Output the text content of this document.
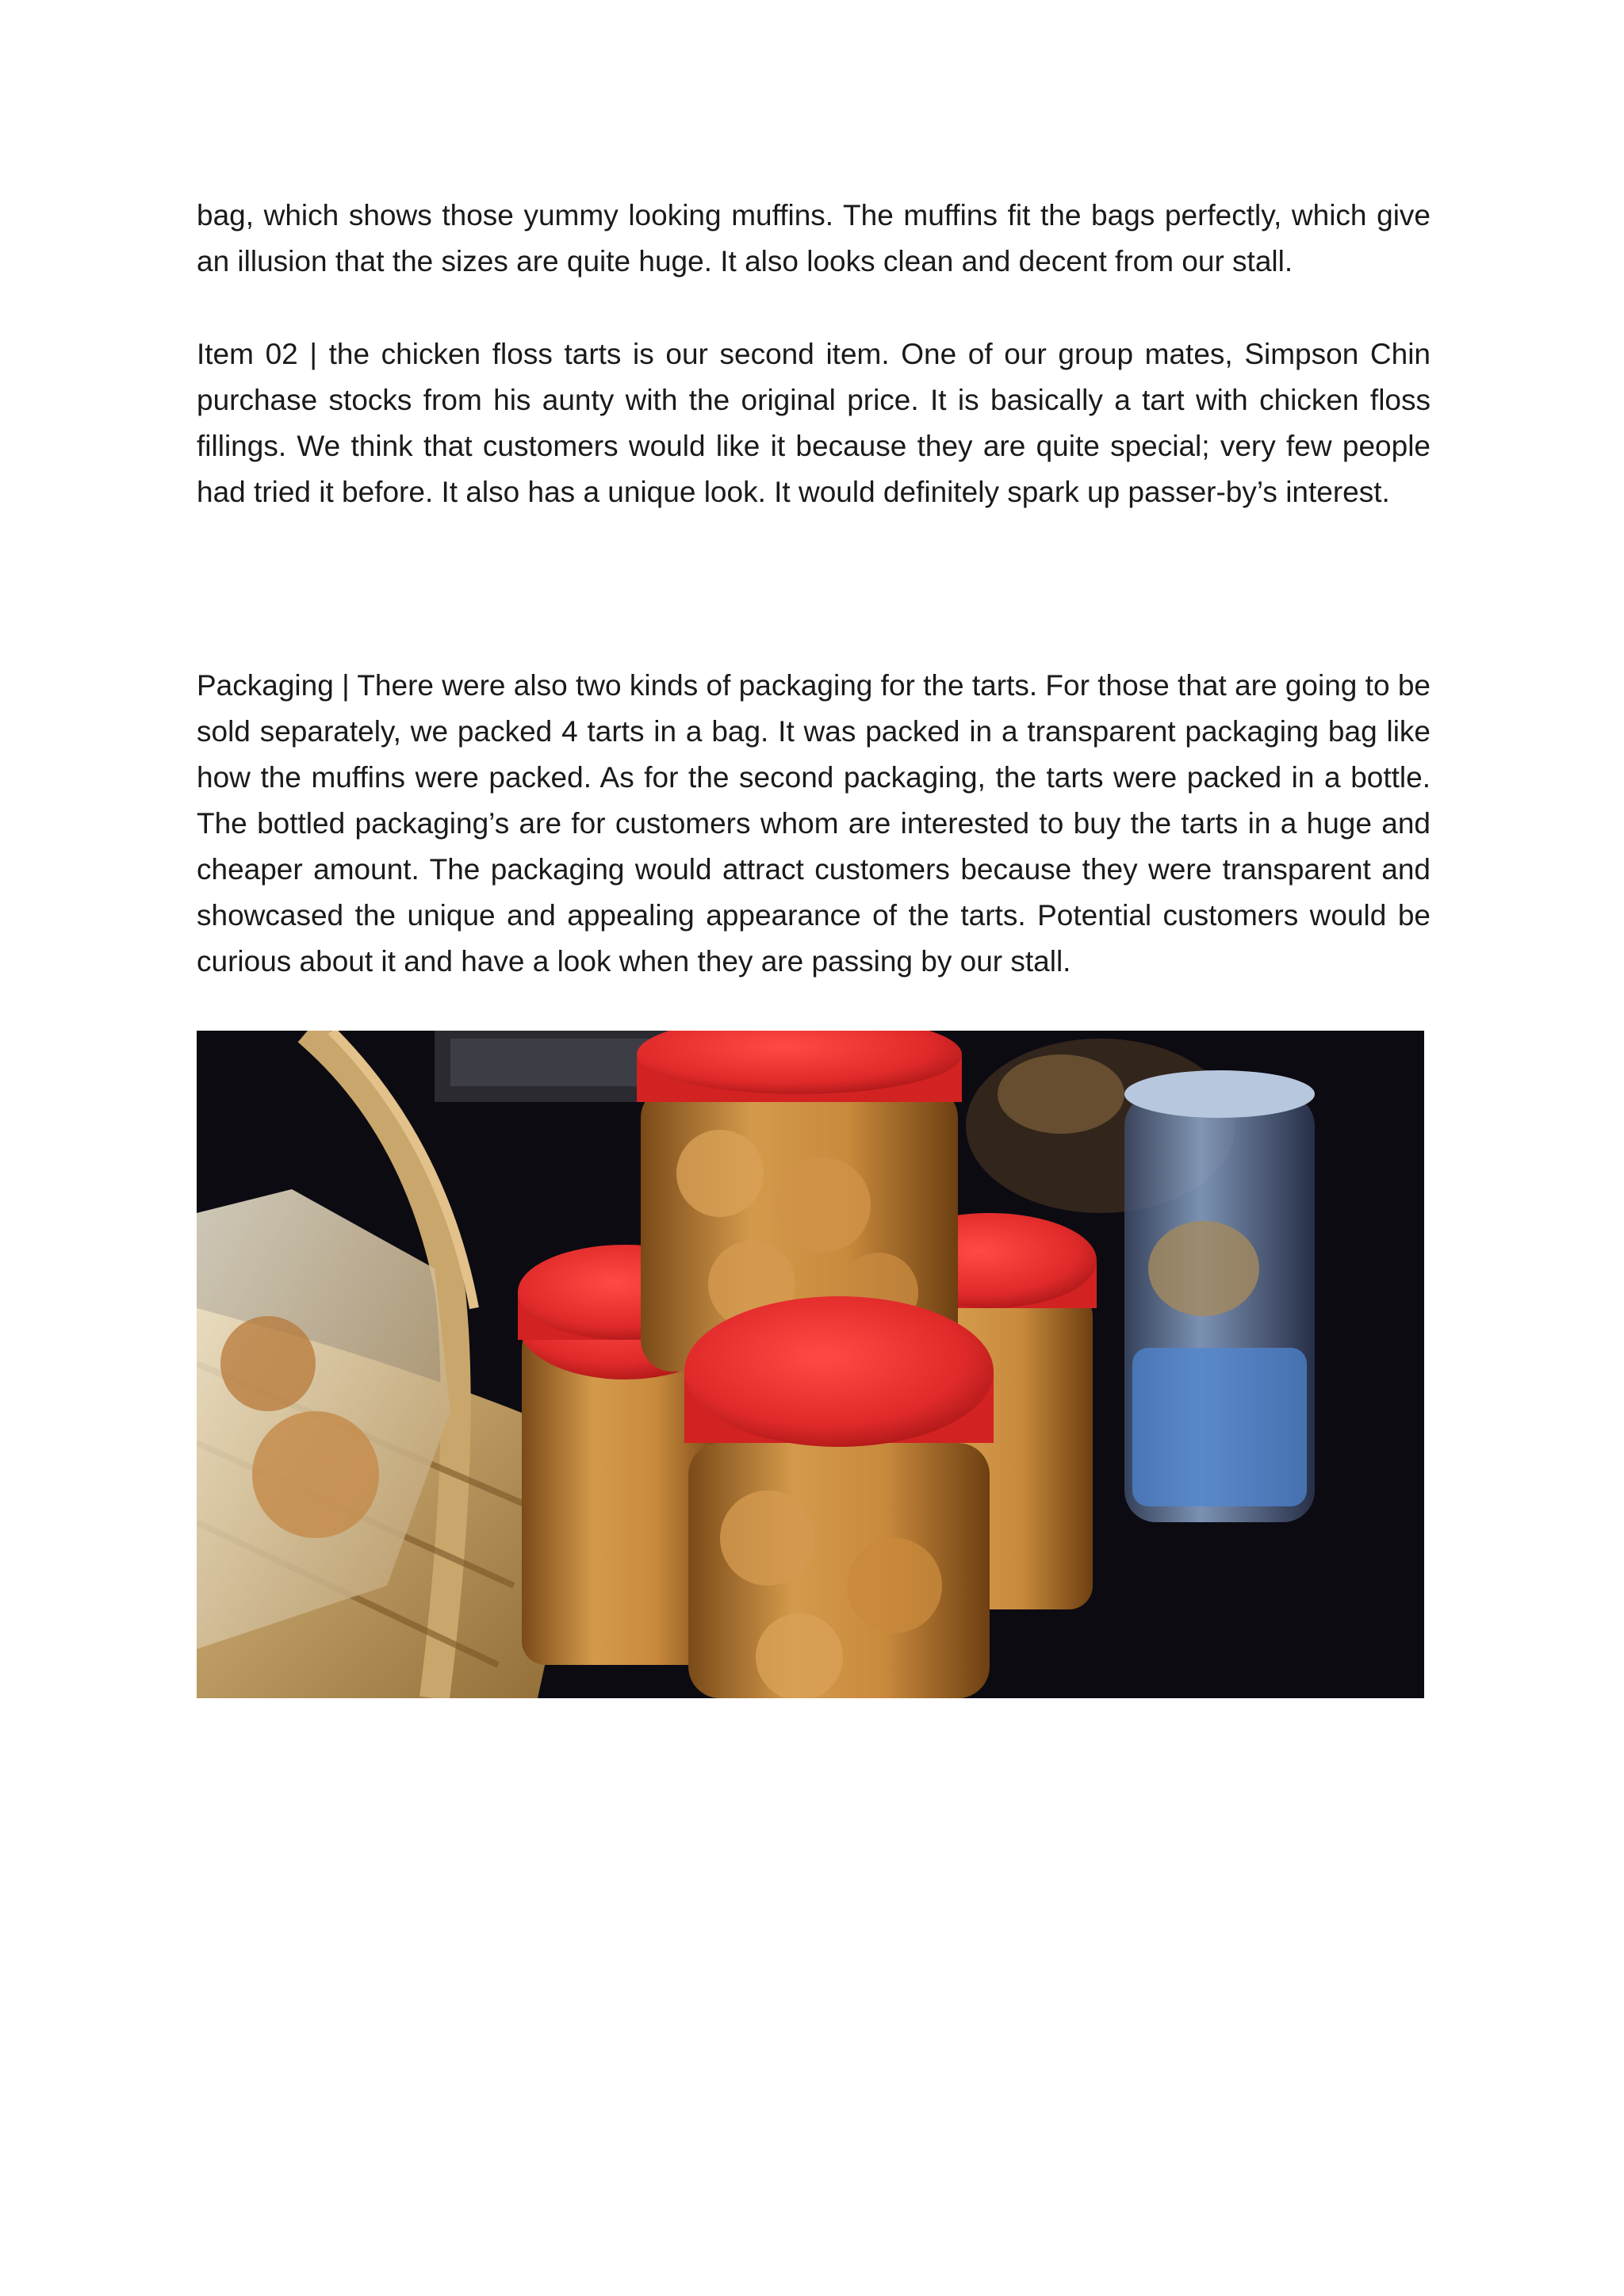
bag, which shows those yummy looking muffins. The muffins fit the bags perfectly, which give an illusion that the sizes are quite huge. It also looks clean and decent from our stall.

Item 02 | the chicken floss tarts is our second item. One of our group mates, Simpson Chin purchase stocks from his aunty with the original price. It is basically a tart with chicken floss fillings. We think that customers would like it because they are quite special; very few people had tried it before. It also has a unique look. It would definitely spark up passer-by’s interest.

Packaging | There were also two kinds of packaging for the tarts. For those that are going to be sold separately, we packed 4 tarts in a bag. It was packed in a transparent packaging bag like how the muffins were packed. As for the second packaging, the tarts were packed in a bottle. The bottled packaging’s are for customers whom are interested to buy the tarts in a huge and cheaper amount. The packaging would attract customers because they were transparent and showcased the unique and appealing appearance of the tarts. Potential customers would be curious about it and have a look when they are passing by our stall.
